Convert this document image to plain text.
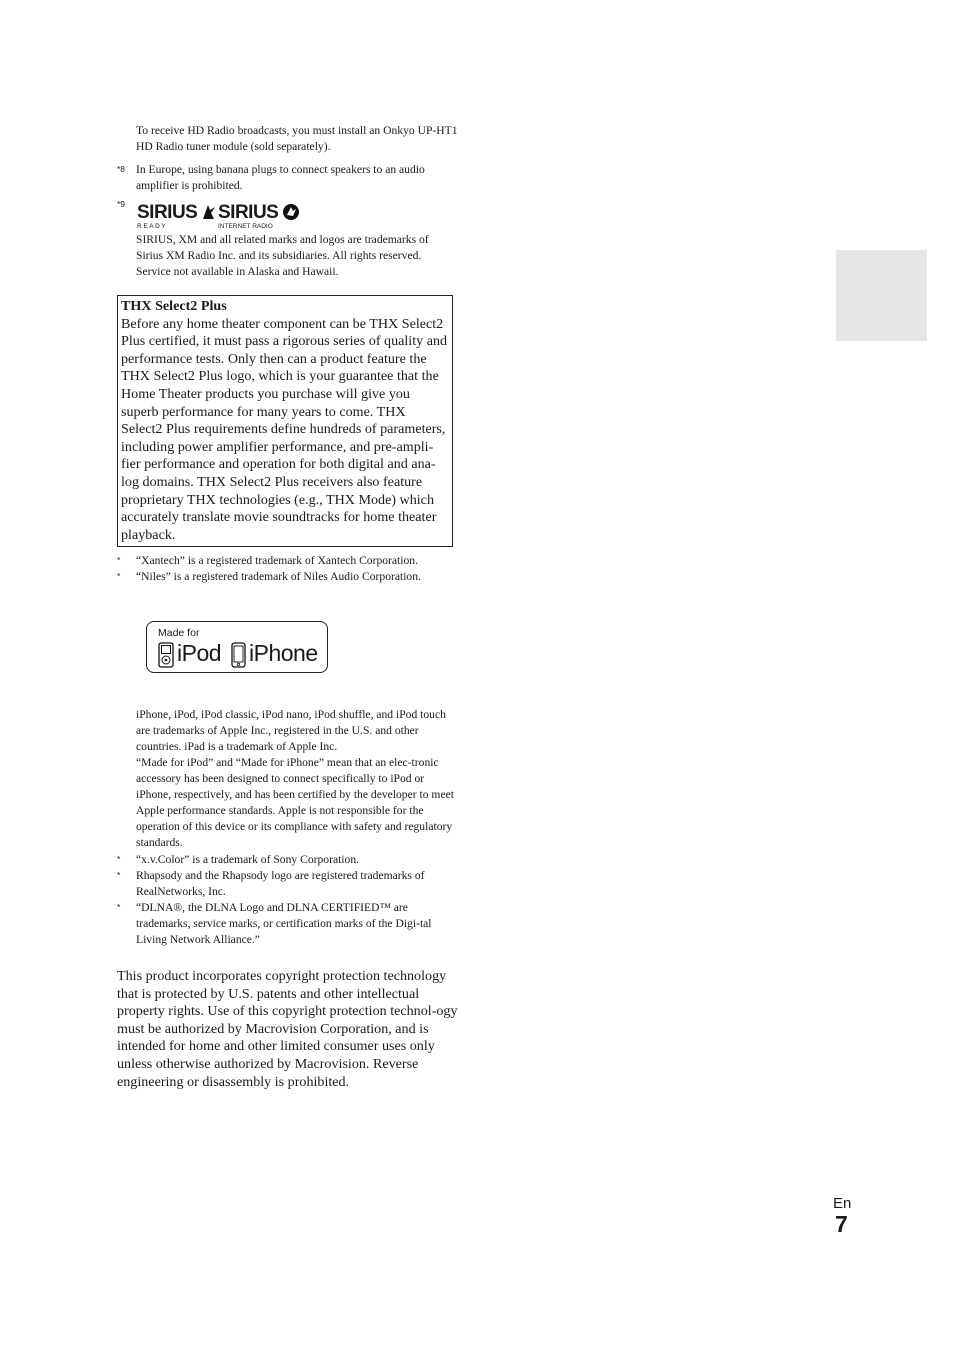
To receive HD Radio broadcasts, you must install an Onkyo UP-HT1 HD Radio tuner module (sold separately).

*8 In Europe, using banana plugs to connect speakers to an audio amplifier is prohibited.

*9 SIRIUS
R E A D Y
SIRIUS
INTERNET RADIO

SIRIUS, XM and all related marks and logos are trademarks of Sirius XM Radio Inc. and its subsidiaries. All rights reserved. Service not available in Alaska and Hawaii.

THX Select2 Plus
Before any home theater component can be THX Select2 Plus certified, it must pass a rigorous series of quality and performance tests. Only then can a product feature the THX Select2 Plus logo, which is your guarantee that the Home Theater products you purchase will give you superb performance for many years to come. THX Select2 Plus requirements define hundreds of parameters, including power amplifier performance, and pre-ampli-fier performance and operation for both digital and ana-log domains. THX Select2 Plus receivers also feature proprietary THX technologies (e.g., THX Mode) which accurately translate movie soundtracks for home theater playback.
* “Xantech” is a registered trademark of Xantech Corporation.

* “Niles” is a registered trademark of Niles Audio Corporation.

Made for
iPod iPhone

iPhone, iPod, iPod classic, iPod nano, iPod shuffle, and iPod touch are trademarks of Apple Inc., registered in the U.S. and other countries. iPad is a trademark of Apple Inc.

“Made for iPod” and “Made for iPhone” mean that an elec-tronic accessory has been designed to connect specifically to iPod or iPhone, respectively, and has been certified by the developer to meet Apple performance standards. Apple is not responsible for the operation of this device or its compliance with safety and regulatory standards.

* “x.v.Color” is a trademark of Sony Corporation.

* Rhapsody and the Rhapsody logo are registered trademarks of RealNetworks, Inc.

* “DLNA®, the DLNA Logo and DLNA CERTIFIED™ are trademarks, service marks, or certification marks of the Digi-tal Living Network Alliance.”

This product incorporates copyright protection technology that is protected by U.S. patents and other intellectual property rights. Use of this copyright protection technol-ogy must be authorized by Macrovision Corporation, and is intended for home and other limited consumer uses only unless otherwise authorized by Macrovision. Reverse engineering or disassembly is prohibited.

En
7
